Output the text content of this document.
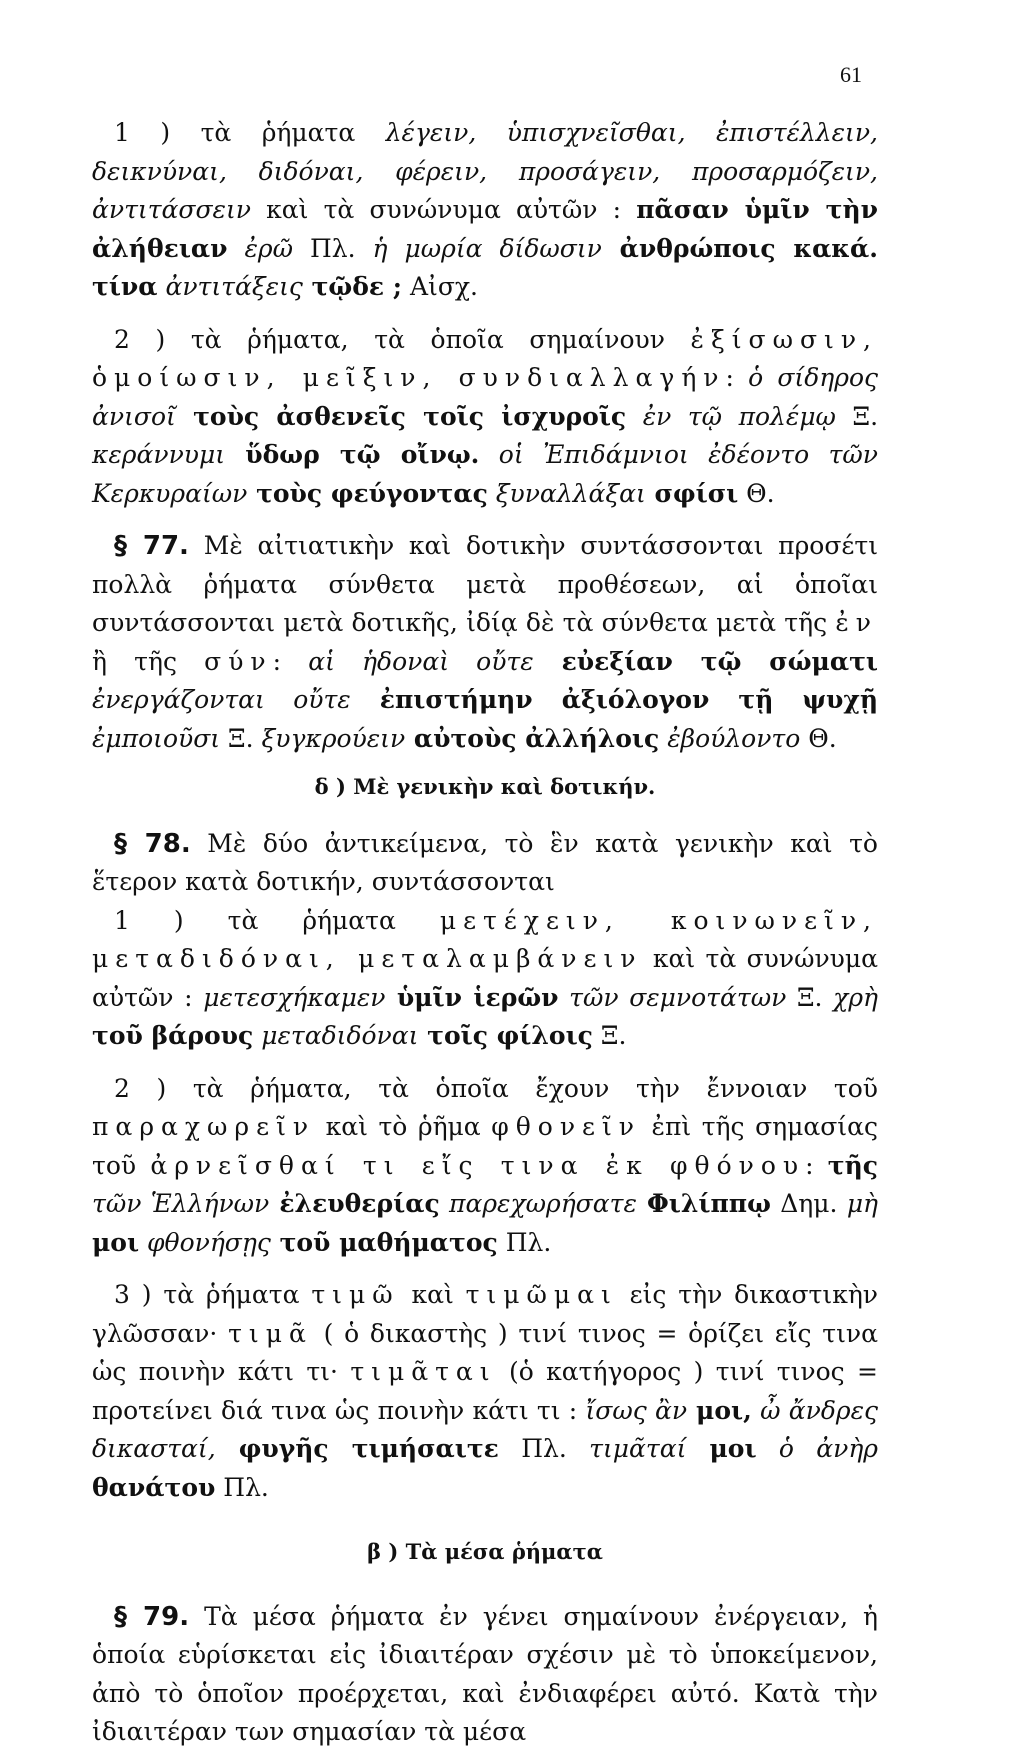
61

1 ) τὰ ῥήματα λέγειν, ὑπισχνεῖσθαι, ἐπιστέλλειν, δεικνύναι, διδόναι, φέρειν, προσάγειν, προσαρμόζειν, ἀντιτάσσειν καὶ τὰ συνώνυμα αὐτῶν : πᾶσαν ὑμῖν τὴν ἀλήθειαν ἐρῶ Πλ. ἡ μωρία δίδωσιν ἀνθρώποις κακά. τίνα ἀντιτάξεις τῷδε ; Αἰσχ.

2 ) τὰ ῥήματα, τὰ ὁποῖα σημαίνουν ἐξίσωσιν, ὁμοίωσιν, μεῖξιν, συνδιαλλαγήν: ὁ σίδηρος ἀνισοῖ τοὺς ἀσθενεῖς τοῖς ἰσχυροῖς ἐν τῷ πολέμῳ Ξ. κεράννυμι ὕδωρ τῷ οἴνῳ. οἱ Ἐπιδάμνιοι ἐδέοντο τῶν Κερκυραίων τοὺς φεύγοντας ξυναλλάξαι σφίσι Θ.

§ 77. Μὲ αἰτιατικὴν καὶ δοτικὴν συντάσσονται προσέτι πολλὰ ῥήματα σύνθετα μετὰ προθέσεων, αἱ ὁποῖαι συντάσσονται μετὰ δοτικῆς, ἰδίᾳ δὲ τὰ σύνθετα μετὰ τῆς ἐν ἢ τῆς σύν: αἱ ἡδοναὶ οὔτε εὐεξίαν τῷ σώματι ἐνεργάζονται οὔτε ἐπιστήμην ἀξιόλογον τῇ ψυχῇ ἐμποιοῦσι Ξ. ξυγκρούειν αὐτοὺς ἀλλήλοις ἐβούλοντο Θ.

δ ) Μὲ γενικὴν καὶ δοτικήν.

§ 78. Μὲ δύο ἀντικείμενα, τὸ ἓν κατὰ γενικὴν καὶ τὸ ἕτερον κατὰ δοτικήν, συντάσσονται

1 ) τὰ ῥήματα μετέχειν, κοινωνεῖν, μεταδιδόναι, μεταλαμβάνειν καὶ τὰ συνώνυμα αὐτῶν : μετεσχήκαμεν ὑμῖν ἱερῶν τῶν σεμνοτάτων Ξ. χρὴ τοῦ βάρους μεταδιδόναι τοῖς φίλοις Ξ.

2 ) τὰ ῥήματα, τὰ ὁποῖα ἔχουν τὴν ἔννοιαν τοῦ παραχωρεῖν καὶ τὸ ῥῆμα φθονεῖν ἐπὶ τῆς σημασίας τοῦ ἀρνεῖσθαί τι εἴς τινα ἐκ φθόνου: τῆς τῶν Ἑλλήνων ἐλευθερίας παρεχωρήσατε Φιλίππῳ Δημ. μὴ μοι φθονήσῃς τοῦ μαθήματος Πλ.

3 ) τὰ ῥήματα τιμῶ καὶ τιμῶμαι εἰς τὴν δικαστικὴν γλῶσσαν· τιμᾶ ( ὁ δικαστὴς ) τινί τινος = ὁρίζει εἴς τινα ὡς ποινὴν κάτι τι· τιμᾶται (ὁ κατήγορος ) τινί τινος = προτείνει διά τινα ὡς ποινὴν κάτι τι : ἴσως ἂν μοι, ὦ ἄνδρες δικασταί, φυγῆς τιμήσαιτε Πλ. τιμᾶταί μοι ὁ ἀνὴρ θανάτου Πλ.

β ) Τὰ μέσα ῥήματα

§ 79. Τὰ μέσα ῥήματα ἐν γένει σημαίνουν ἐνέργειαν, ἡ ὁποία εὑρίσκεται εἰς ἰδιαιτέραν σχέσιν μὲ τὸ ὑποκείμενον, ἀπὸ τὸ ὁποῖον προέρχεται, καὶ ἐνδιαφέρει αὐτό. Κατὰ τὴν ἰδιαιτέραν των σημασίαν τὰ μέσα
